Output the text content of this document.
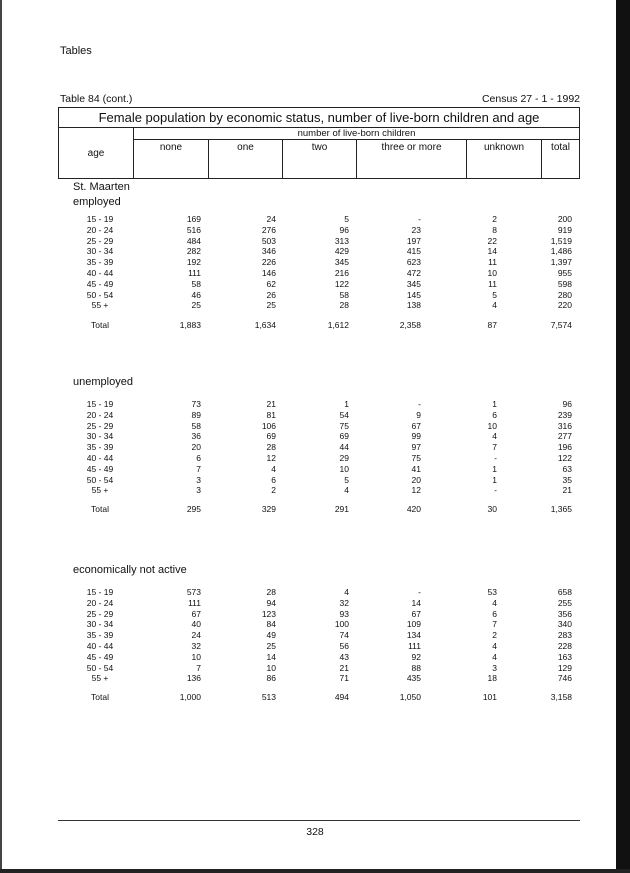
Tables
Table 84 (cont.)	Census 27 - 1 - 1992
Female population by economic status, number of live-born children and age						
age	number of live-born children					
	none	one	two	three or more	unknown	total
St. Maarten
employed
15 - 19	169	24	5	-	2	200
20 - 24	516	276	96	23	8	919
25 - 29	484	503	313	197	22	1,519
30 - 34	282	346	429	415	14	1,486
35 - 39	192	226	345	623	11	1,397
40 - 44	111	146	216	472	10	955
45 - 49	58	62	122	345	11	598
50 - 54	46	26	58	145	5	280
55 +	25	25	28	138	4	220
Total	1,883	1,634	1,612	2,358	87	7,574
unemployed
15 - 19	73	21	1	-	1	96
20 - 24	89	81	54	9	6	239
25 - 29	58	106	75	67	10	316
30 - 34	36	69	69	99	4	277
35 - 39	20	28	44	97	7	196
40 - 44	6	12	29	75	-	122
45 - 49	7	4	10	41	1	63
50 - 54	3	6	5	20	1	35
55 +	3	2	4	12	-	21
Total	295	329	291	420	30	1,365
economically not active
15 - 19	573	28	4	-	53	658
20 - 24	111	94	32	14	4	255
25 - 29	67	123	93	67	6	356
30 - 34	40	84	100	109	7	340
35 - 39	24	49	74	134	2	283
40 - 44	32	25	56	111	4	228
45 - 49	10	14	43	92	4	163
50 - 54	7	10	21	88	3	129
55 +	136	86	71	435	18	746
Total	1,000	513	494	1,050	101	3,158
328
